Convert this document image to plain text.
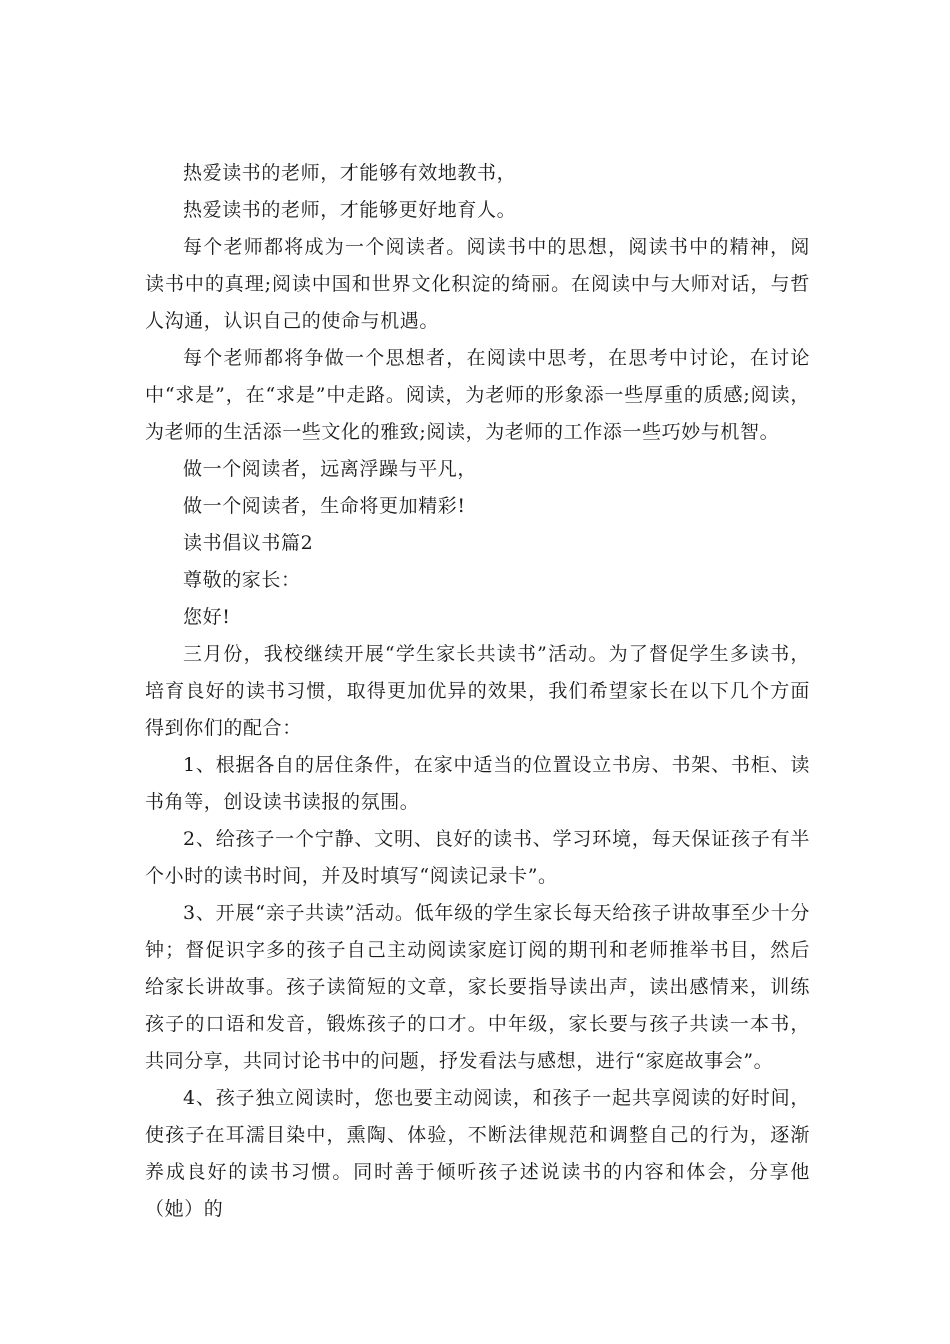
热爱读书的老师，才能够有效地教书，

热爱读书的老师，才能够更好地育人。

每个老师都将成为一个阅读者。阅读书中的思想，阅读书中的精神，阅读书中的真理;阅读中国和世界文化积淀的绮丽。在阅读中与大师对话，与哲人沟通，认识自己的使命与机遇。

每个老师都将争做一个思想者，在阅读中思考，在思考中讨论，在讨论中“求是”，在“求是”中走路。阅读，为老师的形象添一些厚重的质感;阅读，为老师的生活添一些文化的雅致;阅读，为老师的工作添一些巧妙与机智。

做一个阅读者，远离浮躁与平凡，

做一个阅读者，生命将更加精彩!

读书倡议书篇2

尊敬的家长：

您好!

三月份，我校继续开展“学生家长共读书”活动。为了督促学生多读书，培育良好的读书习惯，取得更加优异的效果，我们希望家长在以下几个方面得到你们的配合：

1、根据各自的居住条件，在家中适当的位置设立书房、书架、书柜、读书角等，创设读书读报的氛围。

2、给孩子一个宁静、文明、良好的读书、学习环境，每天保证孩子有半个小时的读书时间，并及时填写“阅读记录卡”。

3、开展“亲子共读”活动。低年级的学生家长每天给孩子讲故事至少十分钟；督促识字多的孩子自己主动阅读家庭订阅的期刊和老师推举书目，然后给家长讲故事。孩子读简短的文章，家长要指导读出声，读出感情来，训练孩子的口语和发音，锻炼孩子的口才。中年级，家长要与孩子共读一本书，共同分享，共同讨论书中的问题，抒发看法与感想，进行“家庭故事会”。

4、孩子独立阅读时，您也要主动阅读，和孩子一起共享阅读的好时间，使孩子在耳濡目染中，熏陶、体验，不断法律规范和调整自己的行为，逐渐养成良好的读书习惯。同时善于倾听孩子述说读书的内容和体会，分享他（她）的
